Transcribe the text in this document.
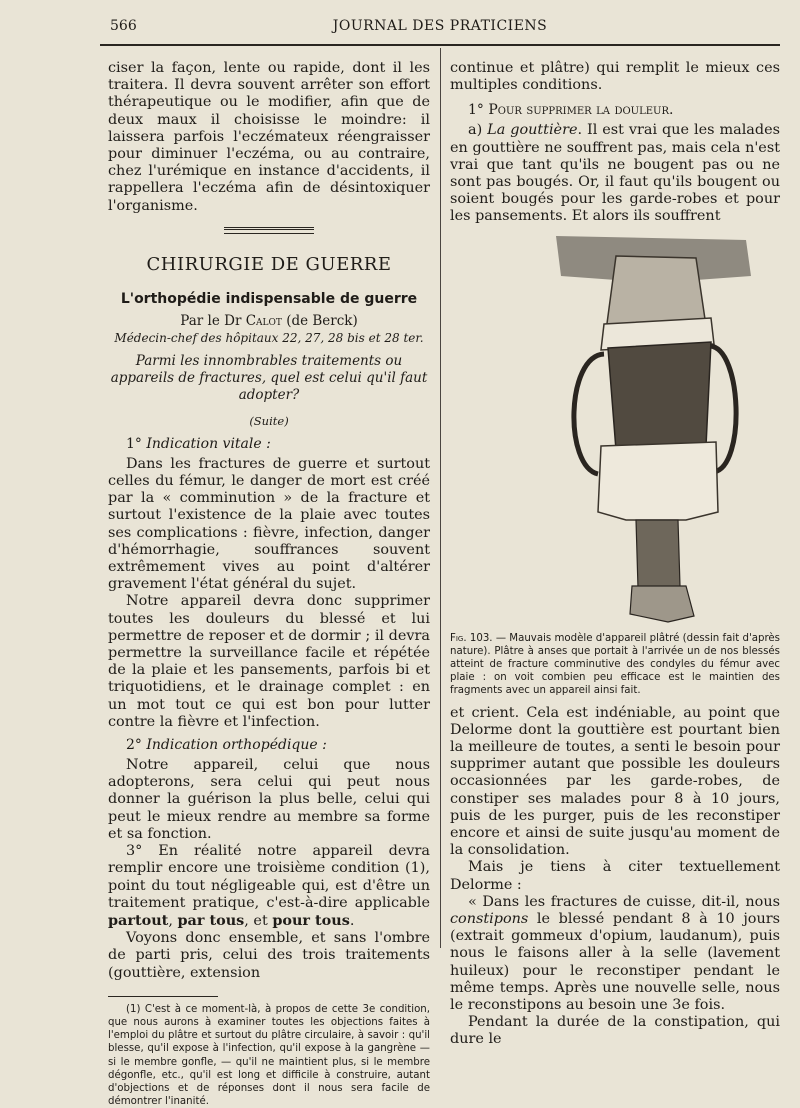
566	JOURNAL DES PRATICIENS

ciser la façon, lente ou rapide, dont il les traitera. Il devra souvent arrêter son effort thérapeutique ou le modifier, afin que de deux maux il choisisse le moindre: il laissera parfois l'eczémateux réengraisser pour diminuer l'eczéma, ou au contraire, chez l'urémique en instance d'accidents, il rappellera l'eczéma afin de désintoxiquer l'organisme.

CHIRURGIE DE GUERRE
L'orthopédie indispensable de guerre
Par le Dr Calot (de Berck)
Médecin-chef des hôpitaux 22, 27, 28 bis et 28 ter.
Parmi les innombrables traitements ou appareils de fractures, quel est celui qu'il faut adopter?
(Suite)
1° Indication vitale :

Dans les fractures de guerre et surtout celles du fémur, le danger de mort est créé par la « comminution » de la fracture et surtout l'existence de la plaie avec toutes ses complications : fièvre, infection, danger d'hémorrhagie, souffrances souvent extrêmement vives au point d'altérer gravement l'état général du sujet.

Notre appareil devra donc supprimer toutes les douleurs du blessé et lui permettre de reposer et de dormir ; il devra permettre la surveillance facile et répétée de la plaie et les pansements, parfois bi et triquotidiens, et le drainage complet : en un mot tout ce qui est bon pour lutter contre la fièvre et l'infection.

2° Indication orthopédique :

Notre appareil, celui que nous adopterons, sera celui qui peut nous donner la guérison la plus belle, celui qui peut le mieux rendre au membre sa forme et sa fonction.

3° En réalité notre appareil devra remplir encore une troisième condition (1), point du tout négligeable qui, est d'être un traitement pratique, c'est-à-dire applicable partout, par tous, et pour tous.

Voyons donc ensemble, et sans l'ombre de parti pris, celui des trois traitements (gouttière, extension

(1) C'est à ce moment-là, à propos de cette 3e condition, que nous aurons à examiner toutes les objections faites à l'emploi du plâtre et surtout du plâtre circulaire, à savoir : qu'il blesse, qu'il expose à l'infection, qu'il expose à la gangrène — si le membre gonfle, — qu'il ne maintient plus, si le membre dégonfle, etc., qu'il est long et difficile à construire, autant d'objections et de réponses dont il nous sera facile de démontrer l'inanité.

continue et plâtre) qui remplit le mieux ces multiples conditions.

1° Pour supprimer la douleur.

a) La gouttière. Il est vrai que les malades en gouttière ne souffrent pas, mais cela n'est vrai que tant qu'ils ne bougent pas ou ne sont pas bougés. Or, il faut qu'ils bougent ou soient bougés pour les garde-robes et pour les pansements. Et alors ils souffrent

Fig. 103. — Mauvais modèle d'appareil plâtré (dessin fait d'après nature). Plâtre à anses que portait à l'arrivée un de nos blessés atteint de fracture comminutive des condyles du fémur avec plaie : on voit combien peu efficace est le maintien des fragments avec un appareil ainsi fait.

et crient. Cela est indéniable, au point que Delorme dont la gouttière est pourtant bien la meilleure de toutes, a senti le besoin pour supprimer autant que possible les douleurs occasionnées par les garde-robes, de constiper ses malades pour 8 à 10 jours, puis de les purger, puis de les reconstiper encore et ainsi de suite jusqu'au moment de la consolidation.

Mais je tiens à citer textuellement Delorme :

« Dans les fractures de cuisse, dit-il, nous constipons le blessé pendant 8 à 10 jours (extrait gommeux d'opium, laudanum), puis nous le faisons aller à la selle (lavement huileux) pour le reconstiper pendant le même temps. Après une nouvelle selle, nous le reconstipons au besoin une 3e fois.

Pendant la durée de la constipation, qui dure le
